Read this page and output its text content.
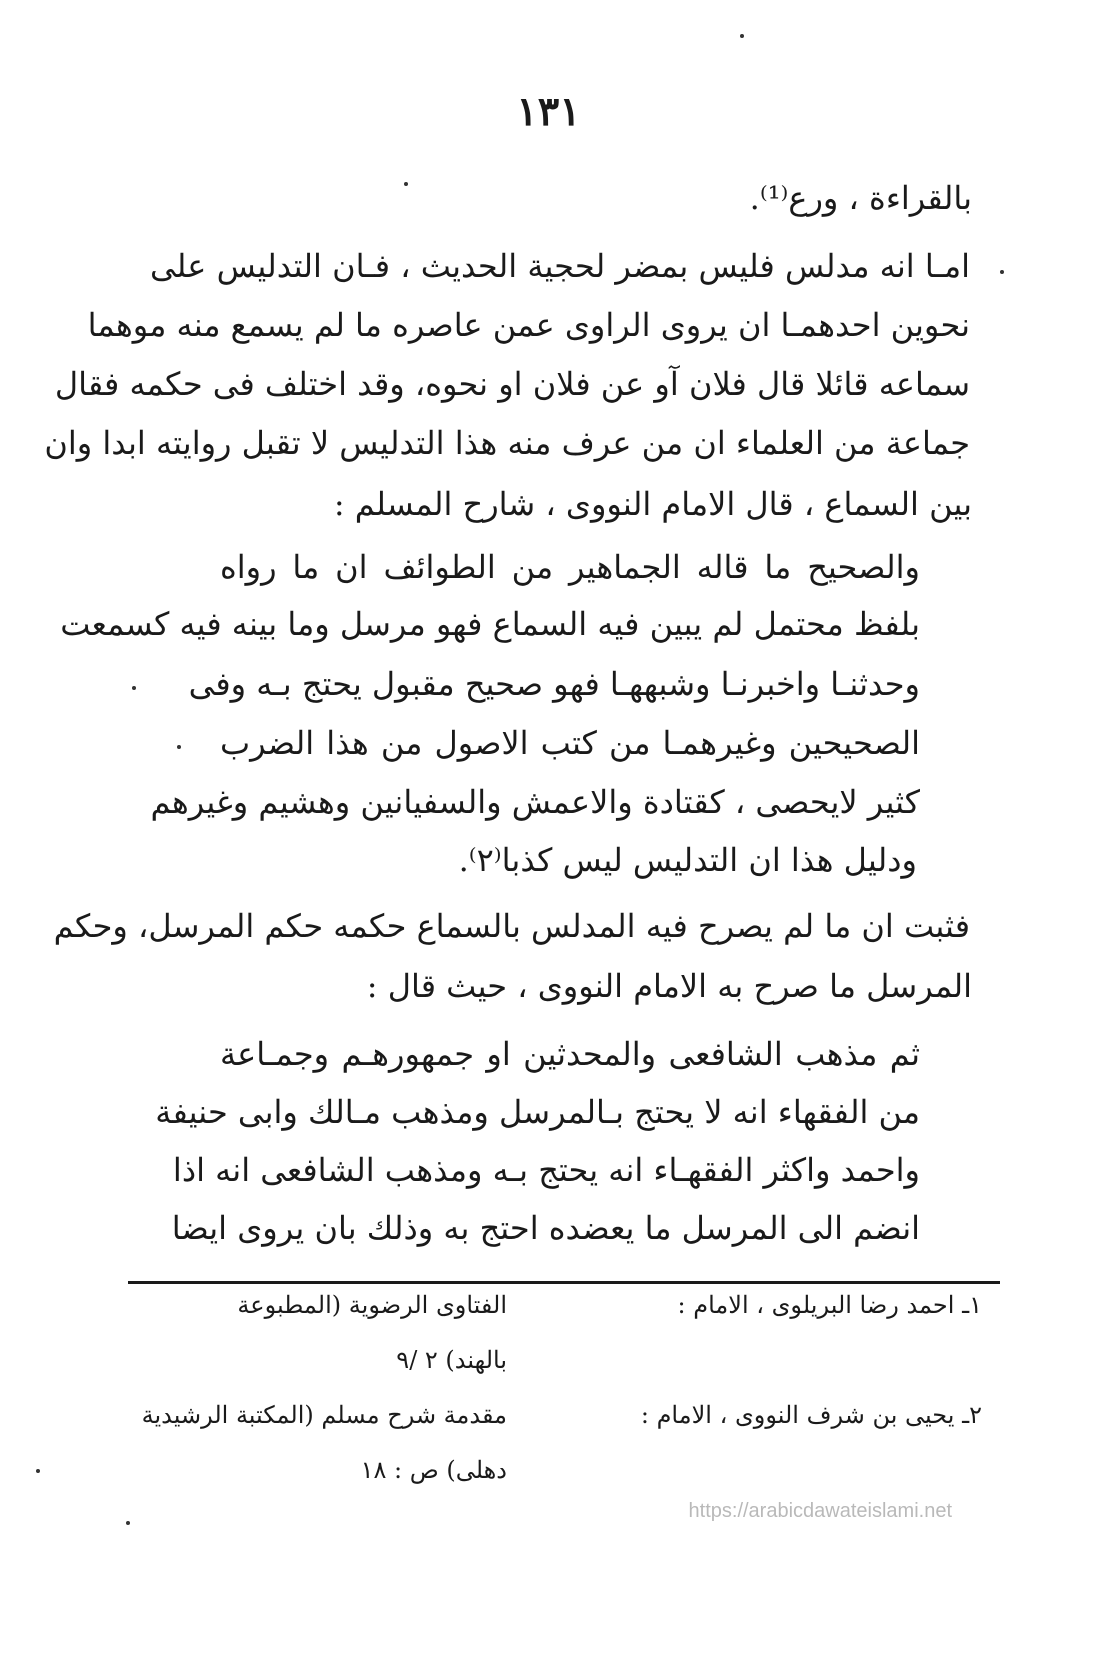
١٣١
بالقراءة ، ورع⁽¹⁾.
امـا انه مدلس فليس بمضر لحجية الحديث ، فـان التدليس على
نحوين احدهمـا ان يروى الراوى عمن عاصره ما لم يسمع منه موهما
سماعه قائلا قال فلان آو عن فلان او نحوه، وقد اختلف فى حكمه فقال
جماعة من العلماء ان من عرف منه هذا التدليس لا تقبل روايته ابدا وان
بين السماع ، قال الامام النووى ، شارح المسلم :
والصحيح ما قاله الجماهير من الطوائف ان ما رواه
بلفظ محتمل لم يبين فيه السماع فهو مرسل وما بينه فيه كسمعت
وحدثنـا واخبرنـا وشبههـا فهو صحيح مقبول يحتج بـه وفى
الصحيحين وغيرهمـا من كتب الاصول من هذا الضرب
كثير لايحصى ، كقتادة والاعمش والسفيانين وهشيم وغيرهم
ودليل هذا ان التدليس ليس كذبا⁽٢⁾.
فثبت ان ما لم يصرح فيه المدلس بالسماع حكمه حكم المرسل، وحكم
المرسل ما صرح به الامام النووى ، حيث قال :
ثم مذهب الشافعى والمحدثين او جمهورهـم وجمـاعة
من الفقهاء انه لا يحتج بـالمرسل ومذهب مـالك وابى حنيفة
واحمد واكثر الفقهـاء انه يحتج بـه ومذهب الشافعى انه اذا
انضم الى المرسل ما يعضده احتج به وذلك بان يروى ايضا
١ـ احمد رضا البريلوى ، الامام :
الفتاوى الرضوية (المطبوعة
بالهند) ٢ /٩
٢ـ يحيى بن شرف النووى ، الامام :
مقدمة شرح مسلم (المكتبة الرشيدية
دهلى) ص : ١٨
https://arabicdawateislami.net
